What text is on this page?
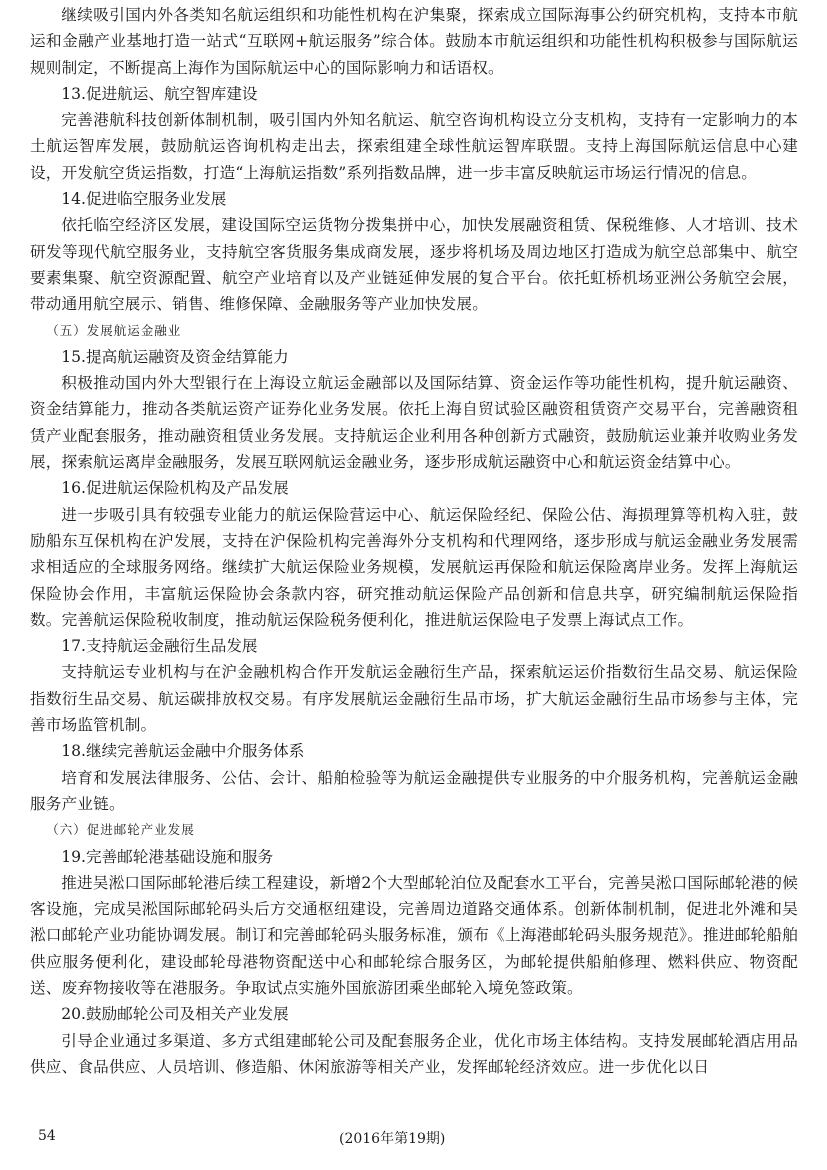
继续吸引国内外各类知名航运组织和功能性机构在沪集聚，探索成立国际海事公约研究机构，支持本市航运和金融产业基地打造一站式“互联网+航运服务”综合体。鼓励本市航运组织和功能性机构积极参与国际航运规则制定，不断提高上海作为国际航运中心的国际影响力和话语权。

13.促进航运、航空智库建设

完善港航科技创新体制机制，吸引国内外知名航运、航空咨询机构设立分支机构，支持有一定影响力的本土航运智库发展，鼓励航运咨询机构走出去，探索组建全球性航运智库联盟。支持上海国际航运信息中心建设，开发航空货运指数，打造“上海航运指数”系列指数品牌，进一步丰富反映航运市场运行情况的信息。

14.促进临空服务业发展

依托临空经济区发展，建设国际空运货物分拨集拼中心，加快发展融资租赁、保税维修、人才培训、技术研发等现代航空服务业，支持航空客货服务集成商发展，逐步将机场及周边地区打造成为航空总部集中、航空要素集聚、航空资源配置、航空产业培育以及产业链延伸发展的复合平台。依托虹桥机场亚洲公务航空会展，带动通用航空展示、销售、维修保障、金融服务等产业加快发展。

（五）发展航运金融业

15.提高航运融资及资金结算能力

积极推动国内外大型银行在上海设立航运金融部以及国际结算、资金运作等功能性机构，提升航运融资、资金结算能力，推动各类航运资产证券化业务发展。依托上海自贸试验区融资租赁资产交易平台，完善融资租赁产业配套服务，推动融资租赁业务发展。支持航运企业利用各种创新方式融资，鼓励航运业兼并收购业务发展，探索航运离岸金融服务，发展互联网航运金融业务，逐步形成航运融资中心和航运资金结算中心。

16.促进航运保险机构及产品发展

进一步吸引具有较强专业能力的航运保险营运中心、航运保险经纪、保险公估、海损理算等机构入驻，鼓励船东互保机构在沪发展，支持在沪保险机构完善海外分支机构和代理网络，逐步形成与航运金融业务发展需求相适应的全球服务网络。继续扩大航运保险业务规模，发展航运再保险和航运保险离岸业务。发挥上海航运保险协会作用，丰富航运保险协会条款内容，研究推动航运保险产品创新和信息共享，研究编制航运保险指数。完善航运保险税收制度，推动航运保险税务便利化，推进航运保险电子发票上海试点工作。

17.支持航运金融衍生品发展

支持航运专业机构与在沪金融机构合作开发航运金融衍生产品，探索航运运价指数衍生品交易、航运保险指数衍生品交易、航运碳排放权交易。有序发展航运金融衍生品市场，扩大航运金融衍生品市场参与主体，完善市场监管机制。

18.继续完善航运金融中介服务体系

培育和发展法律服务、公估、会计、船舶检验等为航运金融提供专业服务的中介服务机构，完善航运金融服务产业链。

（六）促进邮轮产业发展

19.完善邮轮港基础设施和服务

推进吴淞口国际邮轮港后续工程建设，新增2个大型邮轮泊位及配套水工平台，完善吴淞口国际邮轮港的候客设施，完成吴淞国际邮轮码头后方交通枢纽建设，完善周边道路交通体系。创新体制机制，促进北外滩和吴淞口邮轮产业功能协调发展。制订和完善邮轮码头服务标准，颁布《上海港邮轮码头服务规范》。推进邮轮船舶供应服务便利化，建设邮轮母港物资配送中心和邮轮综合服务区，为邮轮提供船舶修理、燃料供应、物资配送、废弃物接收等在港服务。争取试点实施外国旅游团乘坐邮轮入境免签政策。

20.鼓励邮轮公司及相关产业发展

引导企业通过多渠道、多方式组建邮轮公司及配套服务企业，优化市场主体结构。支持发展邮轮酒店用品供应、食品供应、人员培训、修造船、休闲旅游等相关产业，发挥邮轮经济效应。进一步优化以日

54	(2016年第19期)
